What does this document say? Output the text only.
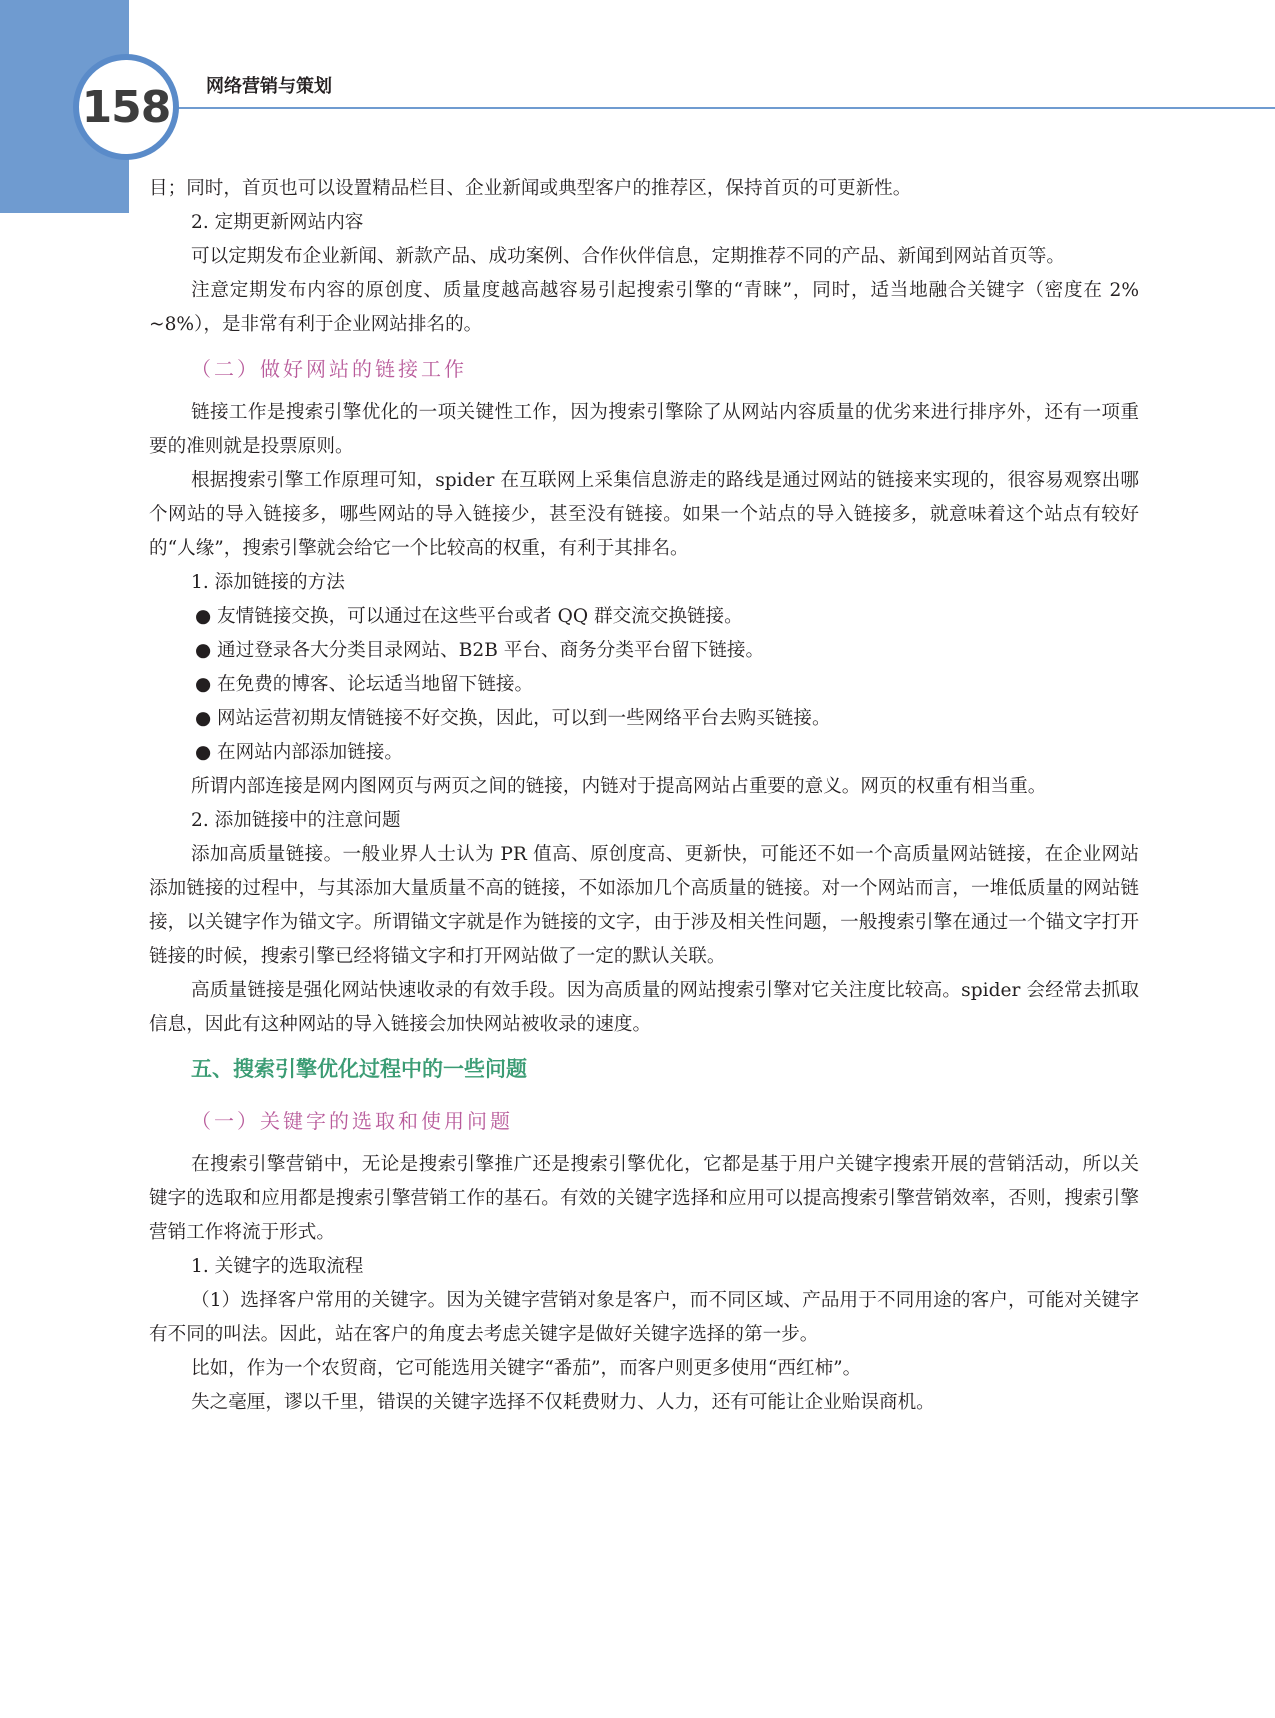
158 网络营销与策划

目；同时，首页也可以设置精品栏目、企业新闻或典型客户的推荐区，保持首页的可更新性。

2. 定期更新网站内容

可以定期发布企业新闻、新款产品、成功案例、合作伙伴信息，定期推荐不同的产品、新闻到网站首页等。

注意定期发布内容的原创度、质量度越高越容易引起搜索引擎的“青睐”，同时，适当地融合关键字（密度在 2% ~8%），是非常有利于企业网站排名的。

（二）做好网站的链接工作

链接工作是搜索引擎优化的一项关键性工作，因为搜索引擎除了从网站内容质量的优劣来进行排序外，还有一项重要的准则就是投票原则。

根据搜索引擎工作原理可知，spider 在互联网上采集信息游走的路线是通过网站的链接来实现的，很容易观察出哪个网站的导入链接多，哪些网站的导入链接少，甚至没有链接。如果一个站点的导入链接多，就意味着这个站点有较好的“人缘”，搜索引擎就会给它一个比较高的权重，有利于其排名。

1. 添加链接的方法

● 友情链接交换，可以通过在这些平台或者 QQ 群交流交换链接。

● 通过登录各大分类目录网站、B2B 平台、商务分类平台留下链接。

● 在免费的博客、论坛适当地留下链接。

● 网站运营初期友情链接不好交换，因此，可以到一些网络平台去购买链接。

● 在网站内部添加链接。

所谓内部连接是网内图网页与两页之间的链接，内链对于提高网站占重要的意义。网页的权重有相当重。

2. 添加链接中的注意问题

添加高质量链接。一般业界人士认为 PR 值高、原创度高、更新快，可能还不如一个高质量网站链接，在企业网站添加链接的过程中，与其添加大量质量不高的链接，不如添加几个高质量的链接。对一个网站而言，一堆低质量的网站链接，以关键字作为锚文字。所谓锚文字就是作为链接的文字，由于涉及相关性问题，一般搜索引擎在通过一个锚文字打开链接的时候，搜索引擎已经将锚文字和打开网站做了一定的默认关联。

高质量链接是强化网站快速收录的有效手段。因为高质量的网站搜索引擎对它关注度比较高。spider 会经常去抓取信息，因此有这种网站的导入链接会加快网站被收录的速度。

五、搜索引擎优化过程中的一些问题
（一）关键字的选取和使用问题

在搜索引擎营销中，无论是搜索引擎推广还是搜索引擎优化，它都是基于用户关键字搜索开展的营销活动，所以关键字的选取和应用都是搜索引擎营销工作的基石。有效的关键字选择和应用可以提高搜索引擎营销效率，否则，搜索引擎营销工作将流于形式。

1. 关键字的选取流程

（1）选择客户常用的关键字。因为关键字营销对象是客户，而不同区域、产品用于不同用途的客户，可能对关键字有不同的叫法。因此，站在客户的角度去考虑关键字是做好关键字选择的第一步。

比如，作为一个农贸商，它可能选用关键字“番茄”，而客户则更多使用“西红柿”。

失之毫厘，谬以千里，错误的关键字选择不仅耗费财力、人力，还有可能让企业贻误商机。
